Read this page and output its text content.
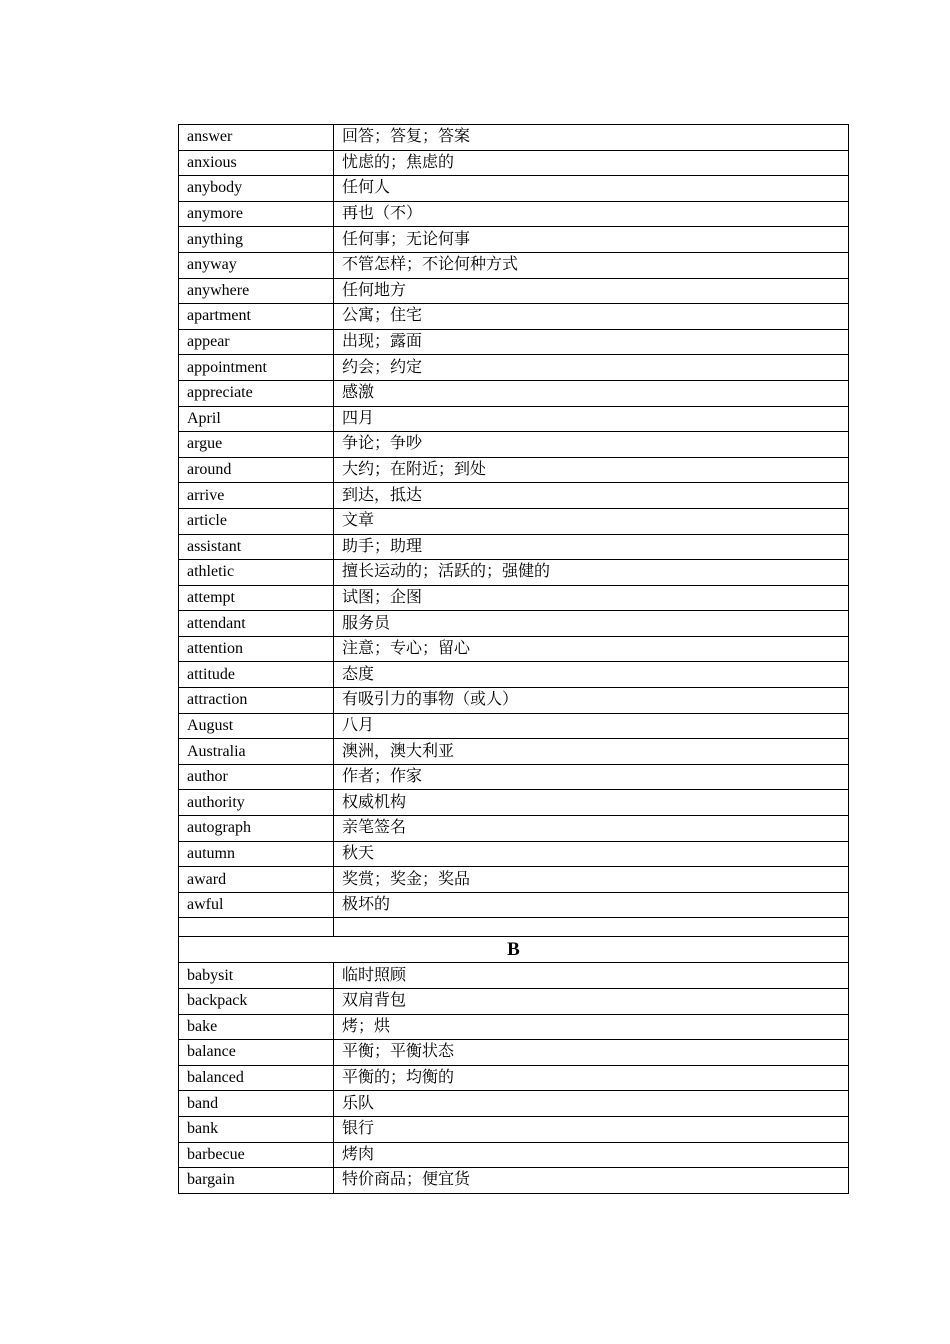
answer	回答；答复；答案
anxious	忧虑的；焦虑的
anybody	任何人
anymore	再也（不）
anything	任何事；无论何事
anyway	不管怎样；不论何种方式
anywhere	任何地方
apartment	公寓；住宅
appear	出现；露面
appointment	约会；约定
appreciate	感激
April	四月
argue	争论；争吵
around	大约；在附近；到处
arrive	到达，抵达
article	文章
assistant	助手；助理
athletic	擅长运动的；活跃的；强健的
attempt	试图；企图
attendant	服务员
attention	注意；专心；留心
attitude	态度
attraction	有吸引力的事物（或人）
August	八月
Australia	澳洲，澳大利亚
author	作者；作家
authority	权威机构
autograph	亲笔签名
autumn	秋天
award	奖赏；奖金；奖品
awful	极坏的

B	
babysit	临时照顾
backpack	双肩背包
bake	烤；烘
balance	平衡；平衡状态
balanced	平衡的；均衡的
band	乐队
bank	银行
barbecue	烤肉
bargain	特价商品；便宜货
